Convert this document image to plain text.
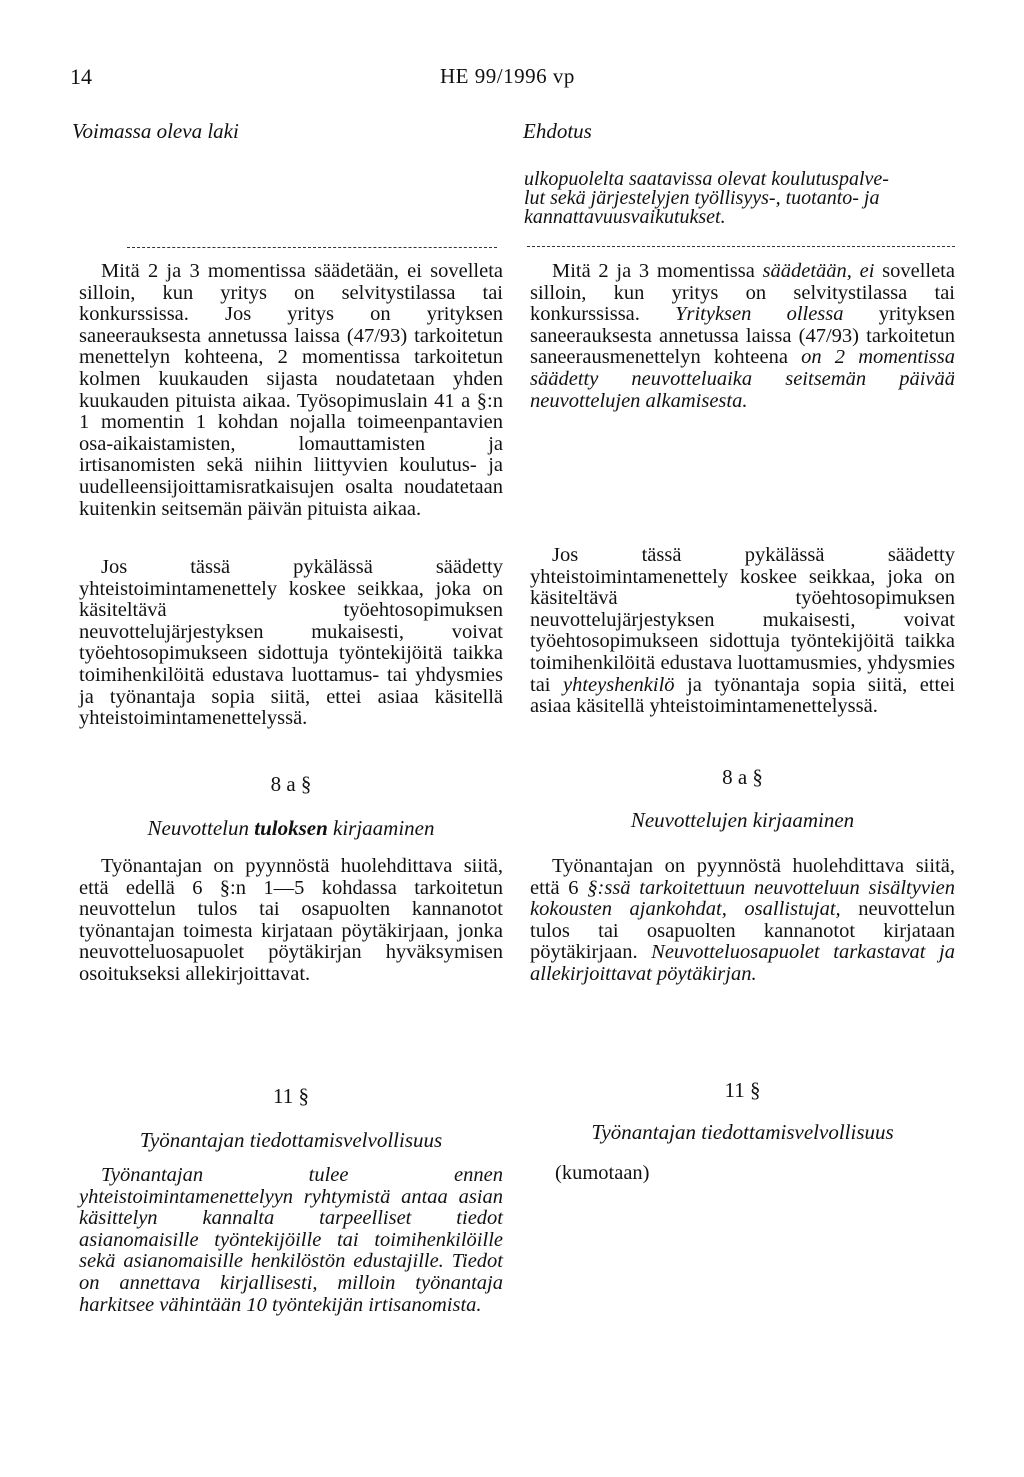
14	HE 99/1996 vp
Voimassa oleva laki	Ehdotus
ulkopuolelta saatavissa olevat koulutuspalve-
lut sekä järjestelyjen työllisyys-, tuotanto- ja
kannattavuusvaikutukset.

Mitä 2 ja 3 momentissa säädetään, ei sovelleta silloin, kun yritys on selvitystilassa tai konkurssissa. Jos yritys on yrityksen saneerauksesta annetussa laissa (47/93) tarkoitetun menettelyn kohteena, 2 momentissa tarkoitetun kolmen kuukauden sijasta noudatetaan yhden kuukauden pituista aikaa. Työsopimuslain 41 a §:n 1 momentin 1 kohdan nojalla toimeenpantavien osa-aikaistamisten, lomauttamisten ja irtisanomisten sekä niihin liittyvien koulutus- ja uudelleensijoittamisratkaisujen osalta noudatetaan kuitenkin seitsemän päivän pituista aikaa.

Jos tässä pykälässä säädetty yhteistoimintamenettely koskee seikkaa, joka on käsiteltävä työehtosopimuksen neuvottelujärjestyksen mukaisesti, voivat työehtosopimukseen sidottuja työntekijöitä taikka toimihenkilöitä edustava luottamus- tai yhdysmies ja työnantaja sopia siitä, ettei asiaa käsitellä yhteistoimintamenettelyssä.

Mitä 2 ja 3 momentissa säädetään, ei sovelleta silloin, kun yritys on selvitystilassa tai konkurssissa. Yrityksen ollessa yrityksen saneerauksesta annetussa laissa (47/93) tarkoitetun saneerausmenettelyn kohteena on 2 momentissa säädetty neuvotteluaika seitsemän päivää neuvottelujen alkamisesta.

Jos tässä pykälässä säädetty yhteistoimintamenettely koskee seikkaa, joka on käsiteltävä työehtosopimuksen neuvottelujärjestyksen mukaisesti, voivat työehtosopimukseen sidottuja työntekijöitä taikka toimihenkilöitä edustava luottamusmies, yhdysmies tai yhteyshenkilö ja työnantaja sopia siitä, ettei asiaa käsitellä yhteistoimintamenettelyssä.

8 a §	8 a §
Neuvottelun tuloksen kirjaaminen	Neuvottelujen kirjaaminen

Työnantajan on pyynnöstä huolehdittava siitä, että edellä 6 §:n 1—5 kohdassa tarkoitetun neuvottelun tulos tai osapuolten kannanotot työnantajan toimesta kirjataan pöytäkirjaan, jonka neuvotteluosapuolet pöytäkirjan hyväksymisen osoitukseksi allekirjoittavat.

Työnantajan on pyynnöstä huolehdittava siitä, että 6 §:ssä tarkoitettuun neuvotteluun sisältyvien kokousten ajankohdat, osallistujat, neuvottelun tulos tai osapuolten kannanotot kirjataan pöytäkirjaan. Neuvotteluosapuolet tarkastavat ja allekirjoittavat pöytäkirjan.

11 §	11 §
Työnantajan tiedottamisvelvollisuus	Työnantajan tiedottamisvelvollisuus

Työnantajan tulee ennen yhteistoimintamenettelyyn ryhtymistä antaa asian käsittelyn kannalta tarpeelliset tiedot asianomaisille työntekijöille tai toimihenkilöille sekä asianomaisille henkilöstön edustajille. Tiedot on annettava kirjallisesti, milloin työnantaja harkitsee vähintään 10 työntekijän irtisanomista.

(kumotaan)
